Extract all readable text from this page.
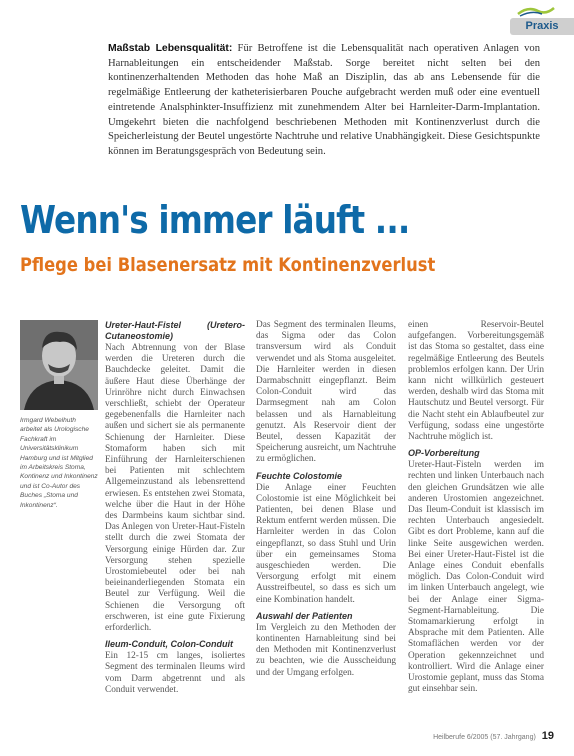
Praxis

Maßstab Lebensqualität: Für Betroffene ist die Lebensqualität nach operativen Anlagen von Harnableitungen ein entscheidender Maßstab. Sorge bereitet nicht selten bei den kontinenzerhaltenden Methoden das hohe Maß an Disziplin, das ab ans Lebensende für die regelmäßige Entleerung der katheterisierbaren Pouche aufgebracht werden muß oder eine eventuell eintretende Analsphinkter-Insuffizienz mit zunehmendem Alter bei Harnleiter-Darm-Implantation. Umgekehrt bieten die nachfolgend beschriebenen Methoden mit Kontinenzverlust durch die Speicherleistung der Beutel ungestörte Nachtruhe und relative Unabhängigkeit. Diese Gesichtspunkte können im Beratungsgespräch von Bedeutung sein.

Wenn's immer läuft ...
Pflege bei Blasenersatz mit Kontinenzverlust

Irmgard Webelhuth arbeitet als Urologische Fachkraft im Universitätsklinikum Hamburg und ist Mitglied im Arbeitskreis Stoma, Kontinenz und Inkontinenz und ist Co-Autor des Buches „Stoma und Inkontinenz“.

Ureter-Haut-Fistel (Uretero-Cutaneostomie)

Nach Abtrennung von der Blase werden die Ureteren durch die Bauchdecke geleitet. Damit die äußere Haut diese Überhänge der Urinröhre nicht durch Einwachsen verschließt, schiebt der Operateur gegebenenfalls die Harnleiter nach außen und sichert sie als permanente Schienung der Harnleiter. Diese Stomaform haben sich mit Einführung der Harnleiterschienen bei Patienten mit schlechtem Allgemeinzustand als lebensrettend erwiesen. Es entstehen zwei Stomata, welche über die Haut in der Höhe des Darmbeins kaum sichtbar sind. Das Anlegen von Ureter-Haut-Fisteln stellt durch die zwei Stomata der Versorgung einige Hürden dar. Zur Versorgung stehen spezielle Urostomiebeutel oder bei nah beieinanderliegenden Stomata ein Beutel zur Verfügung. Weil die Schienen die Versorgung oft erschweren, ist eine gute Fixierung erforderlich.

Ileum-Conduit, Colon-Conduit

Ein 12-15 cm langes, isoliertes Segment des terminalen Ileums wird vom Darm abgetrennt und als Conduit verwendet.

Das Segment des terminalen Ileums, das Sigma oder das Colon transversum wird als Conduit verwendet und als Stoma ausgeleitet. Die Harnleiter werden in diesen Darmabschnitt eingepflanzt. Beim Colon-Conduit wird das Darmsegment nah am Colon belassen und als Harnableitung genutzt. Als Reservoir dient der Beutel, dessen Kapazität der Speicherung ausreicht, um Nachtruhe zu ermöglichen.

Feuchte Colostomie

Die Anlage einer Feuchten Colostomie ist eine Möglichkeit bei Patienten, bei denen Blase und Rektum entfernt werden müssen. Die Harnleiter werden in das Colon eingepflanzt, so dass Stuhl und Urin über ein gemeinsames Stoma ausgeschieden werden. Die Versorgung erfolgt mit einem Ausstreifbeutel, so dass es sich um eine Kombination handelt.

Auswahl der Patienten

Im Vergleich zu den Methoden der kontinenten Harnableitung sind bei den Methoden mit Kontinenzverlust zu beachten, wie die Ausscheidung und der Umgang erfolgen.

einen Reservoir-Beutel aufgefangen. Vorbereitungsgemäß ist das Stoma so gestaltet, dass eine regelmäßige Entleerung des Beutels problemlos erfolgen kann. Der Urin kann nicht willkürlich gesteuert werden, deshalb wird das Stoma mit Hautschutz und Beutel versorgt. Für die Nacht steht ein Ablaufbeutel zur Verfügung, sodass eine ungestörte Nachtruhe möglich ist.

OP-Vorbereitung

Ureter-Haut-Fisteln werden im rechten und linken Unterbauch nach den gleichen Grundsätzen wie alle anderen Urostomien angezeichnet. Das Ileum-Conduit ist klassisch im rechten Unterbauch angesiedelt. Gibt es dort Probleme, kann auf die linke Seite ausgewichen werden. Bei einer Ureter-Haut-Fistel ist die Anlage eines Conduit ebenfalls möglich. Das Colon-Conduit wird im linken Unterbauch angelegt, wie bei der Anlage einer Sigma-Segment-Harnableitung. Die Stomamarkierung erfolgt in Absprache mit dem Patienten. Alle Stomaflächen werden vor der Operation gekennzeichnet und kontrolliert. Wird die Anlage einer Urostomie geplant, muss das Stoma gut einsehbar sein.

Heilberufe 6/2005 (57. Jahrgang) 19
